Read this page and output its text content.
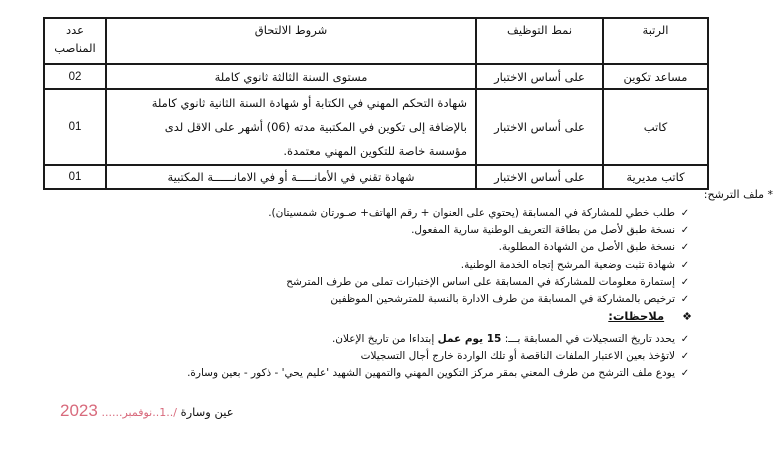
الرتبة	نمط التوظيف	شروط الالتحاق	عدد
المناصب

مساعد تكوين	على أساس الاختبار	مستوى السنة الثالثة ثانوي كاملة	02
كاتب	على أساس الاختبار	شهادة التحكم المهني في الكتابة أو شهادة السنة الثانية ثانوي كاملة
بالإضافة إلى تكوين في المكتبية مدته (06) أشهر على الاقل لدى
مؤسسة خاصة للتكوين المهني معتمدة.	01
كاتب مديرية	على أساس الاختبار	شهادة تقني في الأمانـــــة أو في الامانــــــة المكتبية	01
* ملف الترشح:
✓
طلب خطي للمشاركة في المسابقة (يحتوي على العنوان + رقم الهاتف+ صـورتان شمسيتان).
✓
نسخة طبق لأصل من بطاقة التعريف الوطنية سارية المفعول.
✓
نسخة طبق الأصل من الشهادة المطلوبة.
✓
شهادة تثبت وضعية المرشح إتجاه الخدمة الوطنية.
✓
إستمارة معلومات للمشاركة في المسابقة على اساس الإختبارات تملى من طرف المترشح
✓
ترخيص بالمشاركة في المسابقة من طرف الادارة بالنسبة للمترشحين الموظفين
❖ ملاحظات:
✓
يحدد تاريخ التسجيلات في المسابقة بـــ: 15 يوم عمل إبتداءا من تاريخ الإعلان.
✓
لاتؤخذ بعين الاعتبار الملفات الناقصة أو تلك الواردة خارج أجال التسجيلات
✓
يودع ملف الترشح من طرف المعني بمقر مركز التكوين المهني والتمهين الشهيد 'عليم يحي' - ذكور - بعين وسارة.
عين وسارة /..1..نوفمبر...... 2023
